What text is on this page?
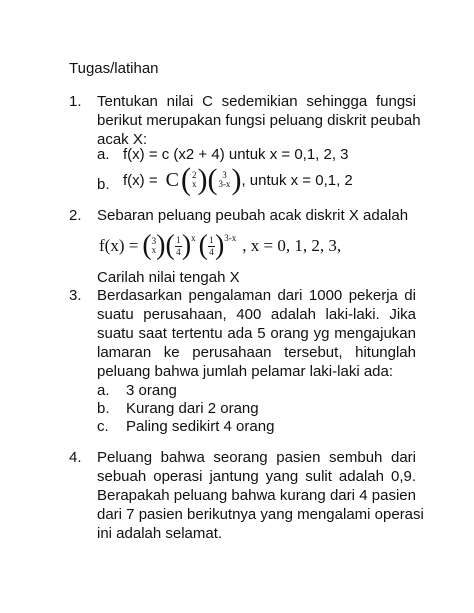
Tugas/latihan
1. Tentukan nilai C sedemikian sehingga fungsi
berikut merupakan fungsi peluang diskrit peubah
acak X:
a. f(x) = c (x2 + 4) untuk x = 0,1, 2, 3
b. f(x) = C ( 2
x ) ( 3
3-x ) , untuk x = 0,1, 2
2. Sebaran peluang peubah acak diskrit X adalah
f(x) = ( 3
x ) ( 1
4 ) x ( 1
4 ) 3-x , x = 0, 1, 2, 3,
Carilah nilai tengah X
3. Berdasarkan pengalaman dari 1000 pekerja di
suatu perusahaan, 400 adalah laki-laki. Jika
suatu saat tertentu ada 5 orang yg mengajukan
lamaran ke perusahaan tersebut, hitunglah
peluang bahwa jumlah pelamar laki-laki ada:
a. 3 orang
b. Kurang dari 2 orang
c. Paling sedikirt 4 orang
4. Peluang bahwa seorang pasien sembuh dari
sebuah operasi jantung yang sulit adalah 0,9.
Berapakah peluang bahwa kurang dari 4 pasien
dari 7 pasien berikutnya yang mengalami operasi
ini adalah selamat.
